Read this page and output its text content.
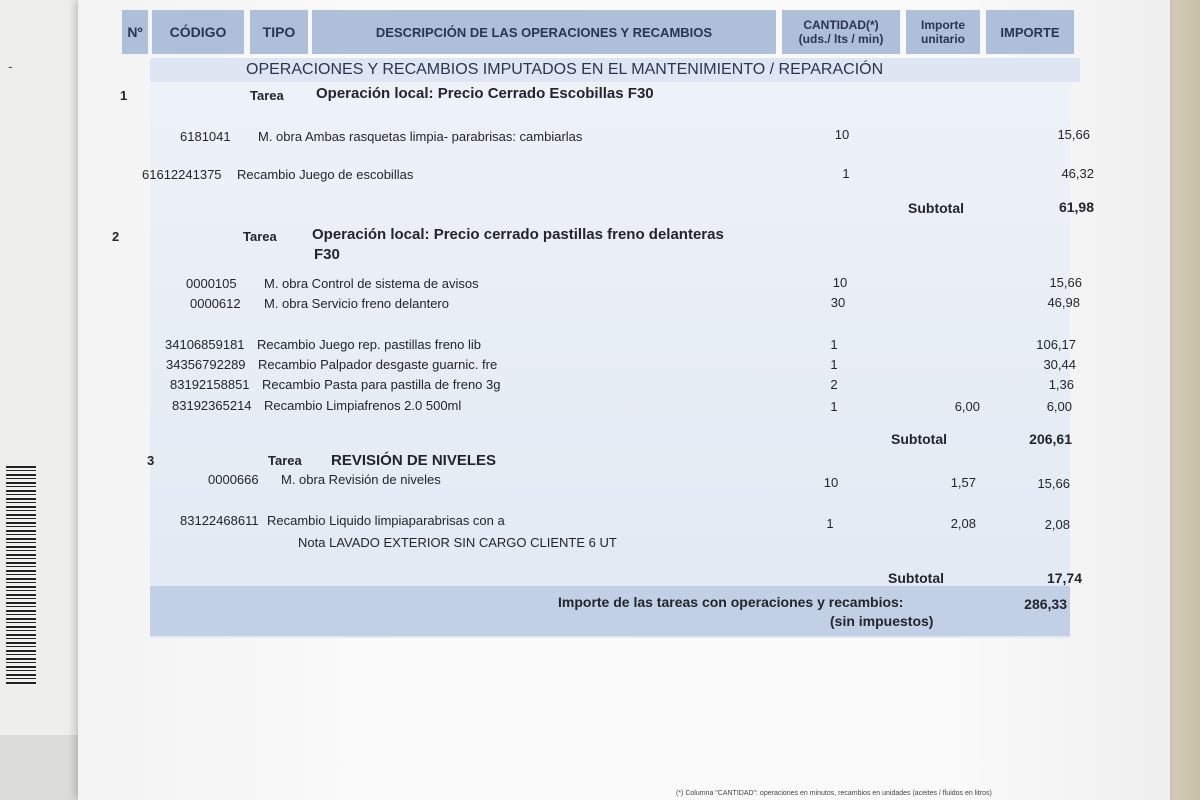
-
Nº	CÓDIGO	TIPO	DESCRIPCIÓN DE LAS OPERACIONES Y RECAMBIOS	CANTIDAD(*)
(uds./ lts / min)
Importe
unitario	IMPORTE
OPERACIONES Y RECAMBIOS IMPUTADOS EN EL MANTENIMIENTO / REPARACIÓN
1	Tarea Operación local: Precio Cerrado Escobillas F30
6181041 M. obra Ambas rasquetas limpia- parabrisas: cambiarlas	10	15,66
61612241375 Recambio Juego de escobillas	1	46,32
Subtotal	61,98
2	Tarea Operación local: Precio cerrado pastillas freno delanteras
F30
0000105 M. obra Control de sistema de avisos	10	15,66
0000612 M. obra Servicio freno delantero	30	46,98
34106859181 Recambio Juego rep. pastillas freno lib	1	106,17
34356792289 Recambio Palpador desgaste guarnic. fre	1	30,44
83192158851 Recambio Pasta para pastilla de freno 3g	2	1,36
83192365214 Recambio Limpiafrenos 2.0 500ml	1	6,00	6,00
Subtotal	206,61
3	Tarea REVISIÓN DE NIVELES
0000666 M. obra Revisión de niveles	10	1,57	15,66
83122468611 Recambio Liquido limpiaparabrisas con a	1	2,08	2,08
Nota LAVADO EXTERIOR SIN CARGO CLIENTE 6 UT
Subtotal	17,74
Importe de las tareas con operaciones y recambios:
(sin impuestos)
286,33
(*) Columna "CANTIDAD": operaciones en minutos, recambios en unidades (aceites / fluidos en litros)
